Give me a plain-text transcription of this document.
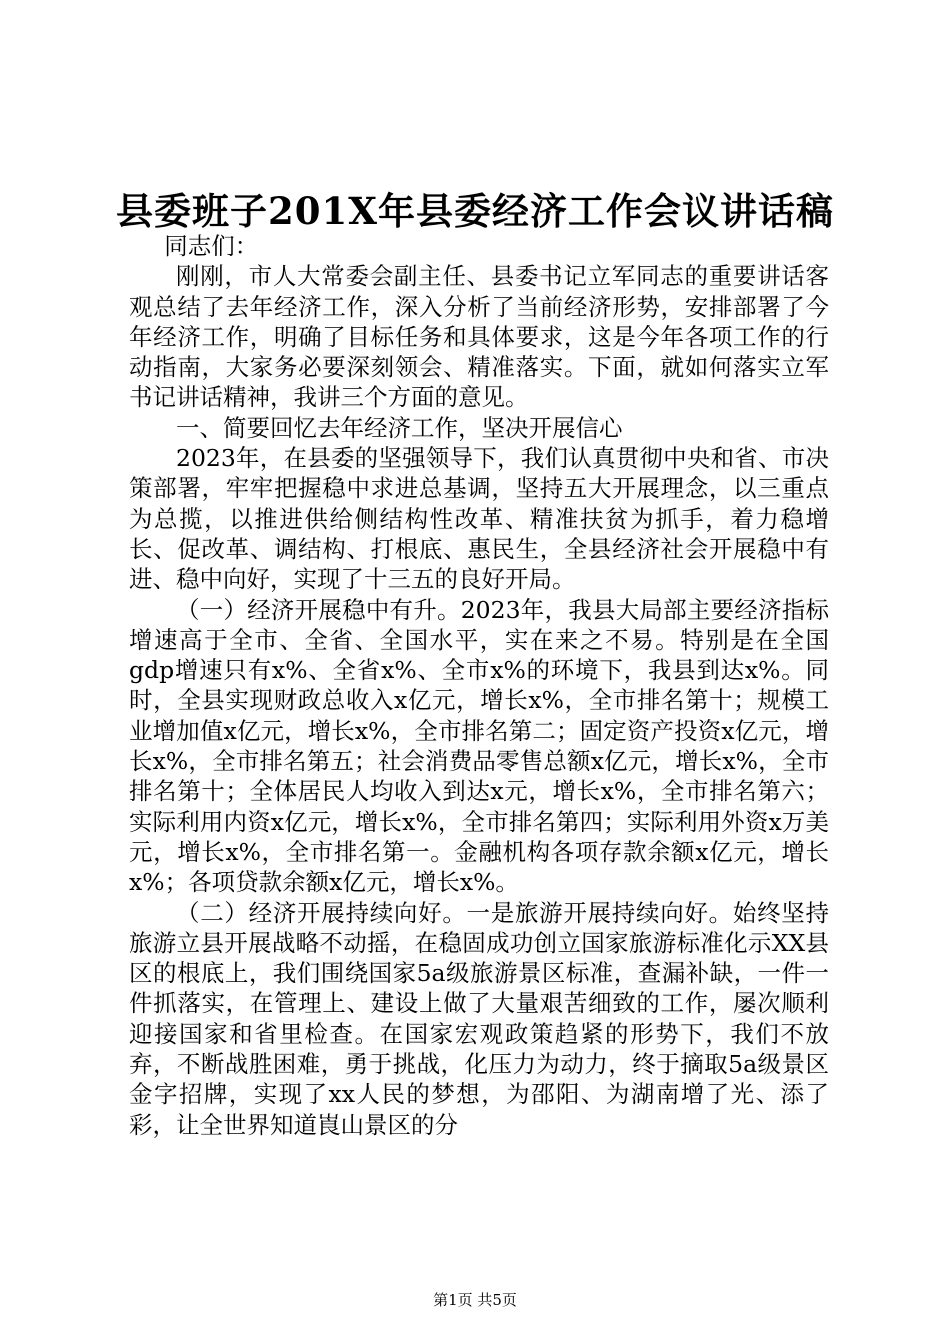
县委班子201X年县委经济工作会议讲话稿

同志们：

刚刚，市人大常委会副主任、县委书记立军同志的重要讲话客观总结了去年经济工作，深入分析了当前经济形势，安排部署了今年经济工作，明确了目标任务和具体要求，这是今年各项工作的行动指南，大家务必要深刻领会、精准落实。下面，就如何落实立军书记讲话精神，我讲三个方面的意见。

一、简要回忆去年经济工作，坚决开展信心

2023年，在县委的坚强领导下，我们认真贯彻中央和省、市决策部署，牢牢把握稳中求进总基调，坚持五大开展理念，以三重点为总揽，以推进供给侧结构性改革、精准扶贫为抓手，着力稳增长、促改革、调结构、打根底、惠民生，全县经济社会开展稳中有进、稳中向好，实现了十三五的良好开局。

（一）经济开展稳中有升。2023年，我县大局部主要经济指标增速高于全市、全省、全国水平，实在来之不易。特别是在全国gdp增速只有x%、全省x%、全市x%的环境下，我县到达x%。同时，全县实现财政总收入x亿元，增长x%，全市排名第十；规模工业增加值x亿元，增长x%，全市排名第二；固定资产投资x亿元，增长x%，全市排名第五；社会消费品零售总额x亿元，增长x%，全市排名第十；全体居民人均收入到达x元，增长x%，全市排名第六；实际利用内资x亿元，增长x%，全市排名第四；实际利用外资x万美元，增长x%，全市排名第一。金融机构各项存款余额x亿元，增长x%；各项贷款余额x亿元，增长x%。

（二）经济开展持续向好。一是旅游开展持续向好。始终坚持旅游立县开展战略不动摇，在稳固成功创立国家旅游标准化示XX县区的根底上，我们围绕国家5a级旅游景区标准，查漏补缺，一件一件抓落实，在管理上、建设上做了大量艰苦细致的工作，屡次顺利迎接国家和省里检查。在国家宏观政策趋紧的形势下，我们不放弃，不断战胜困难，勇于挑战，化压力为动力，终于摘取5a级景区金字招牌，实现了xx人民的梦想，为邵阳、为湖南增了光、添了彩，让全世界知道崀山景区的分

第1页 共5页
